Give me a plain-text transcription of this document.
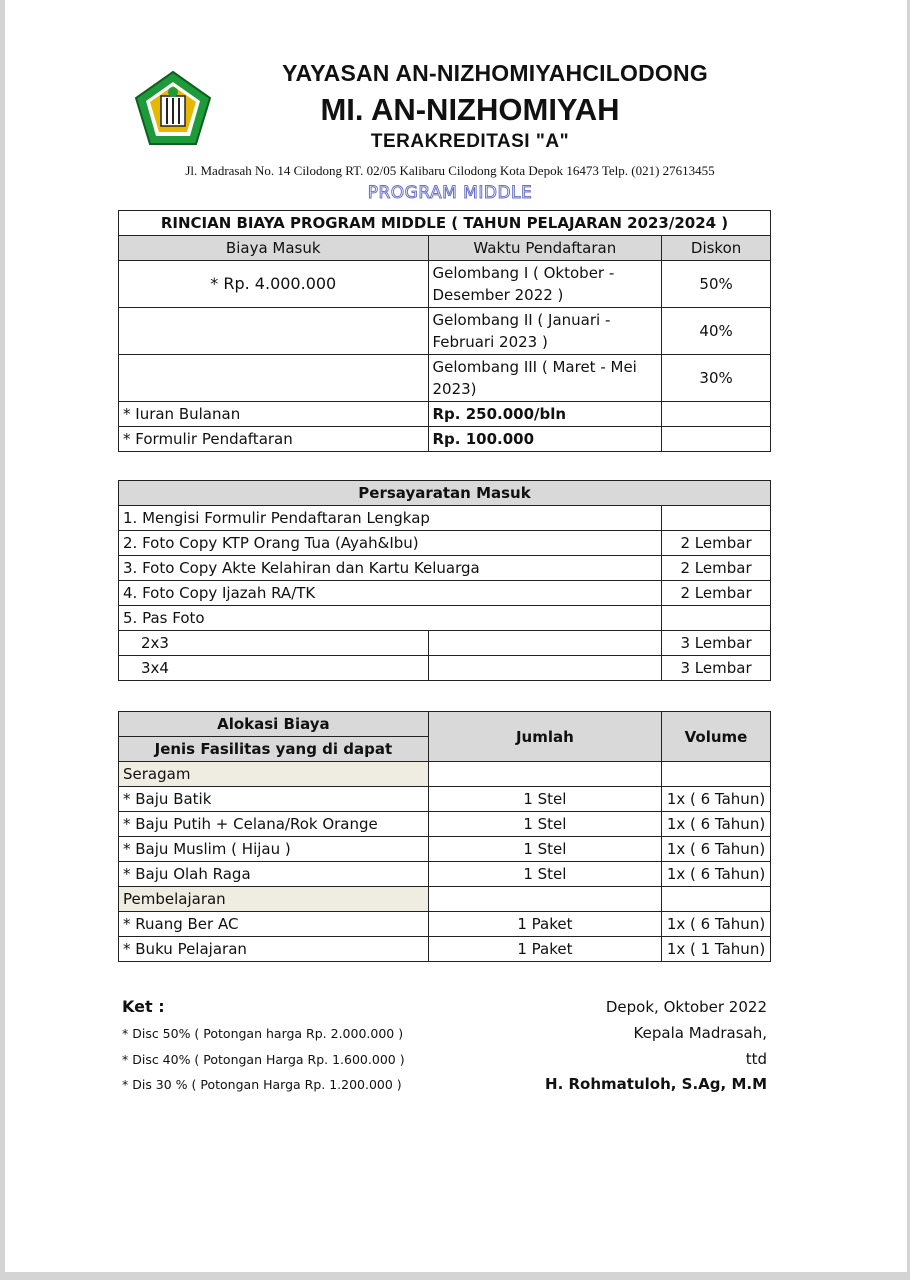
YAYASAN AN-NIZHOMIYAHCILODONG
MI. AN-NIZHOMIYAH
TERAKREDITASI "A"
Jl. Madrasah No. 14 Cilodong RT. 02/05 Kalibaru Cilodong Kota Depok 16473 Telp. (021) 27613455
PROGRAM MIDDLE
RINCIAN BIAYA PROGRAM MIDDLE ( TAHUN PELAJARAN 2023/2024 )		
Biaya Masuk	Waktu Pendaftaran	Diskon
* Rp. 4.000.000	Gelombang I ( Oktober - Desember 2022 )	50%
	Gelombang II ( Januari - Februari 2023 )	40%
	Gelombang III ( Maret - Mei 2023)	30%
* Iuran Bulanan	Rp. 250.000/bln	
* Formulir Pendaftaran	Rp. 100.000	
Persayaratan Masuk		
1. Mengisi Formulir Pendaftaran Lengkap		
2. Foto Copy KTP Orang Tua (Ayah&Ibu)		2 Lembar
3. Foto Copy Akte Kelahiran dan Kartu Keluarga		2 Lembar
4. Foto Copy Ijazah RA/TK		2 Lembar
5. Pas Foto		
2x3		3 Lembar
3x4		3 Lembar
Alokasi Biaya	Jumlah	Volume
Jenis Fasilitas yang di dapat		
Seragam		
* Baju Batik	1 Stel	1x ( 6 Tahun)
* Baju Putih + Celana/Rok Orange	1 Stel	1x ( 6 Tahun)
* Baju Muslim ( Hijau )	1 Stel	1x ( 6 Tahun)
* Baju Olah Raga	1 Stel	1x ( 6 Tahun)
Pembelajaran		
* Ruang Ber AC	1 Paket	1x ( 6 Tahun)
* Buku Pelajaran	1 Paket	1x ( 1 Tahun)
Ket :
* Disc 50% ( Potongan harga Rp. 2.000.000 )
* Disc 40% ( Potongan Harga Rp. 1.600.000 )
* Dis 30 % ( Potongan Harga Rp. 1.200.000 )
Depok, Oktober 2022
Kepala Madrasah,
ttd
H. Rohmatuloh, S.Ag, M.M
